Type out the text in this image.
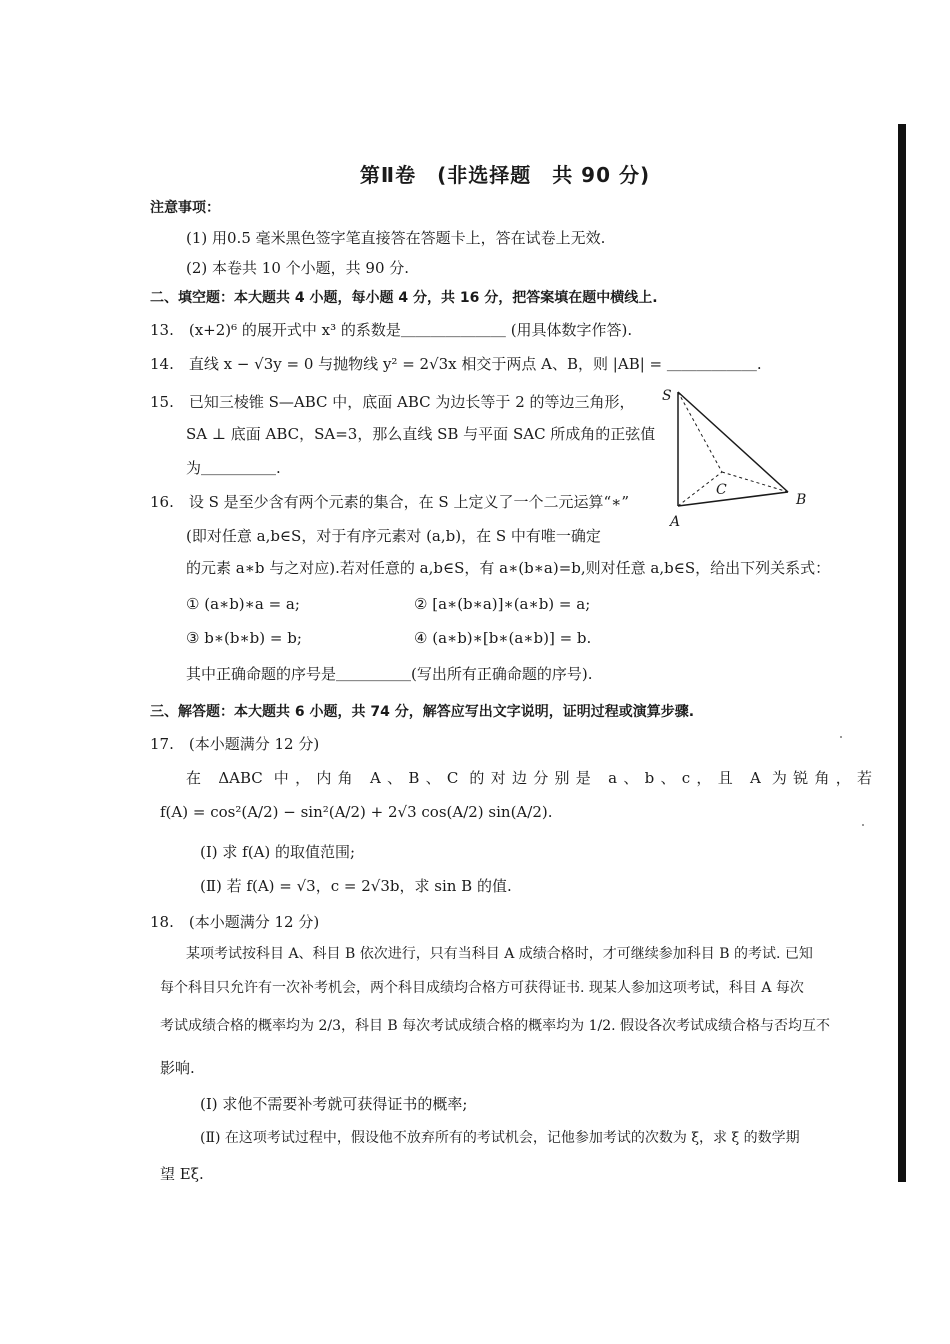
第Ⅱ卷　(非选择题　共 90 分)
注意事项：
(1) 用0.5 毫米黑色签字笔直接答在答题卡上，答在试卷上无效.
(2) 本卷共 10 个小题，共 90 分.
二、填空题：本大题共 4 小题，每小题 4 分，共 16 分，把答案填在题中横线上.
13.　(x+2)⁶ 的展开式中 x³ 的系数是＿＿＿＿＿＿＿ (用具体数字作答).
14.　直线 x − √3y = 0 与抛物线 y² = 2√3x 相交于两点 A、B，则 |AB| = ＿＿＿＿＿＿.
15.　已知三棱锥 S—ABC 中，底面 ABC 为边长等于 2 的等边三角形，
SA ⊥ 底面 ABC，SA=3，那么直线 SB 与平面 SAC 所成角的正弦值
为＿＿＿＿＿.
S
C
B
A
16.　设 S 是至少含有两个元素的集合，在 S 上定义了一个二元运算“∗”
(即对任意 a,b∈S，对于有序元素对 (a,b)，在 S 中有唯一确定
的元素 a∗b 与之对应).若对任意的 a,b∈S，有 a∗(b∗a)=b,则对任意 a,b∈S，给出下列关系式：
① (a∗b)∗a = a;	② [a∗(b∗a)]∗(a∗b) = a;
③ b∗(b∗b) = b;	④ (a∗b)∗[b∗(a∗b)] = b.
其中正确命题的序号是＿＿＿＿＿(写出所有正确命题的序号).
三、解答题：本大题共 6 小题，共 74 分，解答应写出文字说明，证明过程或演算步骤.
17.　(本小题满分 12 分)
在 ΔABC 中，内角 A、B、C 的对边分别是 a、b、c，且 A 为锐角，若
f(A) = cos²(A/2) − sin²(A/2) + 2√3 cos(A/2) sin(A/2).
(Ⅰ) 求 f(A) 的取值范围;
(Ⅱ) 若 f(A) = √3，c = 2√3b，求 sin B 的值.
18.　(本小题满分 12 分)
某项考试按科目 A、科目 B 依次进行，只有当科目 A 成绩合格时，才可继续参加科目 B 的考试. 已知
每个科目只允许有一次补考机会，两个科目成绩均合格方可获得证书. 现某人参加这项考试，科目 A 每次
考试成绩合格的概率均为 2/3，科目 B 每次考试成绩合格的概率均为 1/2. 假设各次考试成绩合格与否均互不
影响.
(Ⅰ) 求他不需要补考就可获得证书的概率;
(Ⅱ) 在这项考试过程中，假设他不放弃所有的考试机会，记他参加考试的次数为 ξ，求 ξ 的数学期
望 Eξ.
